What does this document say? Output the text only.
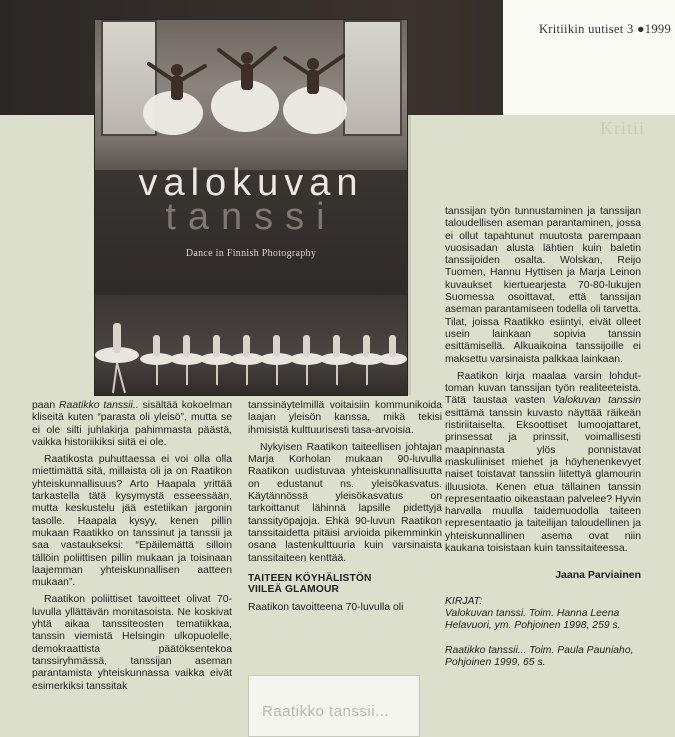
Kritiikin uutiset 3 ●1999
Kritii
valokuvan
tanssi
Dance in Finnish Photography

paan Raatikko tanssii.. sisältää kokoelman kliseitä kuten “parasta oli yleisö”, mutta se ei ole silti juhlakirja pahimmasta päästä, vaikka historiikiksi siitä ei ole.

Raatikosta puhuttaessa ei voi olla olla miettimättä sitä, millaista oli ja on Raatikon yhteiskunnallisuus? Arto Haapala yrittää tarkastella tätä kysymystä esseessään, mutta keskustelu jää estetiikan jargonin tasolle. Haapala kysyy, kenen pillin mukaan Raatikko on tanssinut ja tanssii ja saa vastaukseksi: “Epäilemättä silloin tällöin poliittisen pillin mukaan ja toisinaan laajemman yhteiskunnallisen aatteen mukaan”.

Raatikon poliittiset tavoitteet olivat 70-luvulla yllättävän monitasoista. Ne koskivat yhtä aikaa tanssiteosten tematiikkaa, tanssin viemistä Helsingin ulkopuolelle, demokraattista päätöksentekoa tanssiryhmässä, tanssijan aseman parantamista yhteiskunnassa vaikka eivät esimerkiksi tanssitak

tanssinäytelmillä voitaisiin kommunikoida laajan yleisön kanssa, mikä tekisi ihmisistä kulttuurisesti tasa-arvoisia.

Nykyisen Raatikon taiteellisen johtajan Marja Korholan mukaan 90-luvulla Raatikon uudistuvaa yhteiskunnallisuutta on edustanut ns. yleisökasvatus. Käytännössä yleisökasvatus on tarkoittanut lähinnä lapsille pidettyjä tanssityöpajoja. Ehkä 90-luvun Raatikon tanssitaidetta pitäisi arvioida pikemminkin osana lastenkulttuuria kuin varsinaista tanssitaiteen kenttää.

TAITEEN KÖYHÄLISTÖN
VIILEÄ GLAMOUR

Raatikon tavoitteena 70-luvulla oli

tanssijan työn tunnustaminen ja tanssijan taloudellisen aseman parantaminen, jossa ei ollut tapahtunut muutosta parempaan vuosisadan alusta lähtien kuin baletin tanssijoiden osalta. Wolskan, Reijo Tuomen, Hannu Hyttisen ja Marja Leinon kuvaukset kiertuearjesta 70-80-lukujen Suomessa osoittavat, että tanssijan aseman parantamiseen todella oli tarvetta. Tilat, joissa Raatikko esiintyi, eivät olleet usein lainkaan sopivia tanssin esittämisellä. Alkuaikoina tanssijoille ei maksettu varsinaista palkkaa lainkaan.

Raatikon kirja maalaa varsin lohduttoman kuvan tanssijan työn realiteeteista. Tätä taustaa vasten Valokuvan tanssin esittämä tanssin kuvasto näyttää räikeän ristiriitaiselta. Eksoottiset lumoojattaret, prinsessat ja prinssit, voimallisesti maapinnasta ylös ponnistavat maskuliiniset miehet ja höyhenenkevyet naiset toistavat tanssiin liitettyä glamourin illuusiota. Kenen etua tällainen tanssin representaatio oikeastaan palvelee? Hyvin harvalla muulla taidemuodolla taiteen representaatio ja taiteilijan taloudellinen ja yhteiskunnallinen asema ovat niin kaukana toisistaan kuin tanssitaiteessa.

Jaana Parviainen
KIRJAT:
Valokuvan tanssi. Toim. Hanna Leena Helavuori, ym. Pohjoinen 1998, 259 s.
Raatikko tanssii... Toim. Paula Pauniaho, Pohjoinen 1999, 65 s.
Raatikko tanssii...
